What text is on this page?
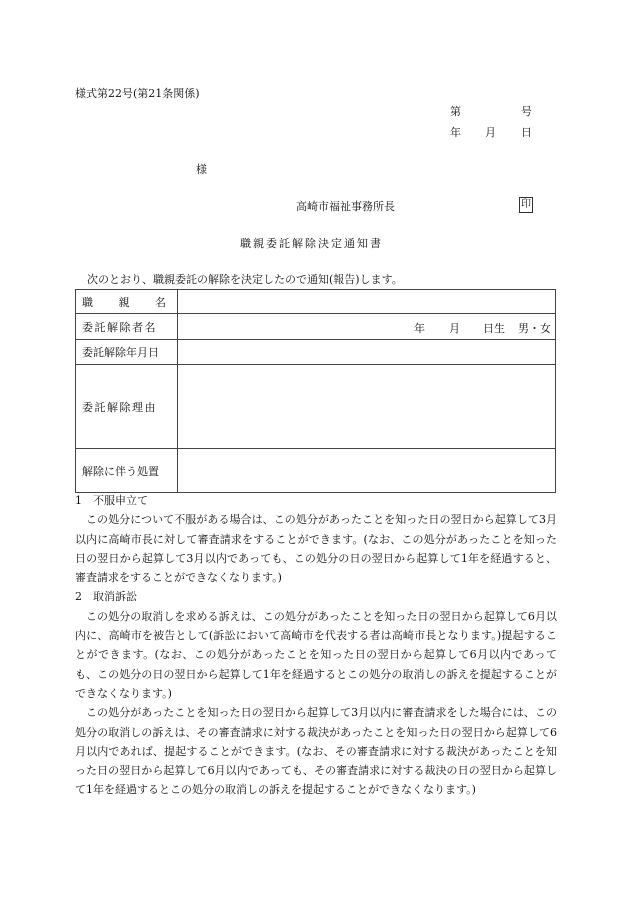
様式第22号(第21条関係)
第	号
年 月 日
様
高崎市福祉事務所長	印
職親委託解除決定通知書
次のとおり、職親委託の解除を決定したので通知(報告)します。
職 親 名	
委託解除者名	年 月 日生 男・女

委託解除年月日	
委託解除理由	
解除に伴う処置	

1　不服申立て

この処分について不服がある場合は、この処分があったことを知った日の翌日から起算して3月以内に高崎市長に対して審査請求をすることができます。(なお、この処分があったことを知った日の翌日から起算して3月以内であっても、この処分の日の翌日から起算して1年を経過すると、審査請求をすることができなくなります。)

2　取消訴訟

この処分の取消しを求める訴えは、この処分があったことを知った日の翌日から起算して6月以内に、高崎市を被告として(訴訟において高崎市を代表する者は高崎市長となります。)提起することができます。(なお、この処分があったことを知った日の翌日から起算して6月以内であっても、この処分の日の翌日から起算して1年を経過するとこの処分の取消しの訴えを提起することができなくなります。)

この処分があったことを知った日の翌日から起算して3月以内に審査請求をした場合には、この処分の取消しの訴えは、その審査請求に対する裁決があったことを知った日の翌日から起算して6月以内であれば、提起することができます。(なお、その審査請求に対する裁決があったことを知った日の翌日から起算して6月以内であっても、その審査請求に対する裁決の日の翌日から起算して1年を経過するとこの処分の取消しの訴えを提起することができなくなります。)
